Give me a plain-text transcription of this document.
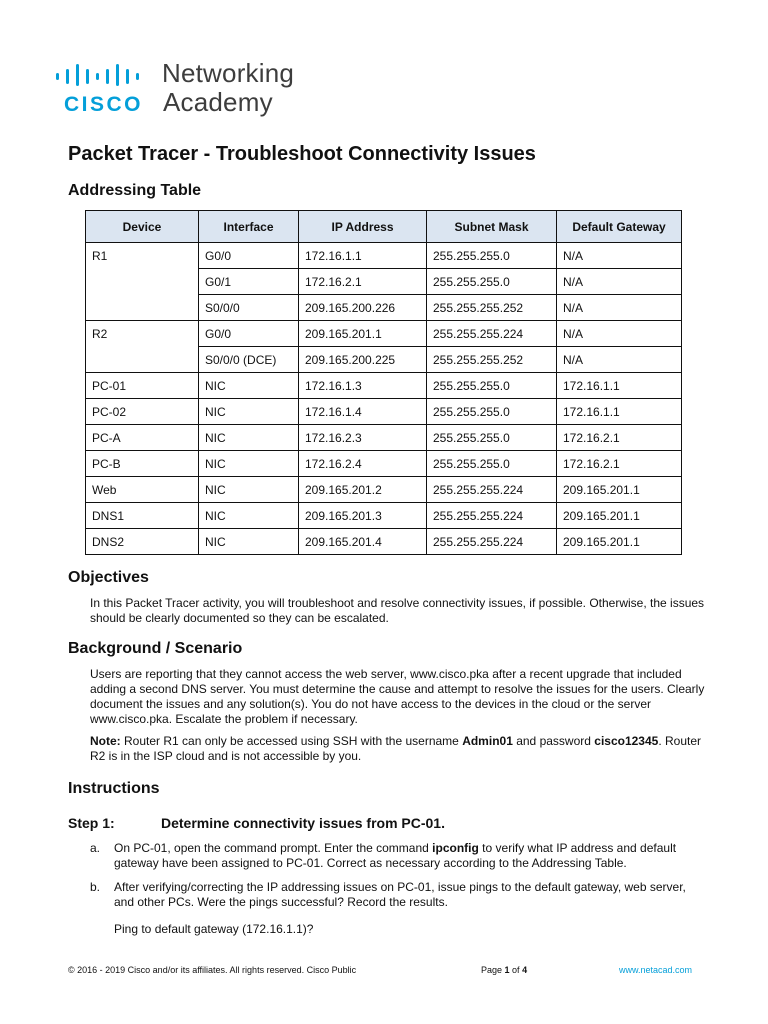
CISCO
Networking
Academy
Packet Tracer - Troubleshoot Connectivity Issues
Addressing Table
Device	Interface	IP Address	Subnet Mask	Default Gateway
R1	G0/0	172.16.1.1	255.255.255.0	N/A
	G0/1	172.16.2.1	255.255.255.0	N/A
	S0/0/0	209.165.200.226	255.255.255.252	N/A
R2	G0/0	209.165.201.1	255.255.255.224	N/A
	S0/0/0 (DCE)	209.165.200.225	255.255.255.252	N/A
PC-01	NIC	172.16.1.3	255.255.255.0	172.16.1.1
PC-02	NIC	172.16.1.4	255.255.255.0	172.16.1.1
PC-A	NIC	172.16.2.3	255.255.255.0	172.16.2.1
PC-B	NIC	172.16.2.4	255.255.255.0	172.16.2.1
Web	NIC	209.165.201.2	255.255.255.224	209.165.201.1
DNS1	NIC	209.165.201.3	255.255.255.224	209.165.201.1
DNS2	NIC	209.165.201.4	255.255.255.224	209.165.201.1
Objectives
In this Packet Tracer activity, you will troubleshoot and resolve connectivity issues, if possible. Otherwise, the issues should be clearly documented so they can be escalated.
Background / Scenario
Users are reporting that they cannot access the web server, www.cisco.pka after a recent upgrade that included adding a second DNS server. You must determine the cause and attempt to resolve the issues for the users. Clearly document the issues and any solution(s). You do not have access to the devices in the cloud or the server www.cisco.pka. Escalate the problem if necessary.
Note: Router R1 can only be accessed using SSH with the username Admin01 and password cisco12345. Router R2 is in the ISP cloud and is not accessible by you.
Instructions
Step 1:	Determine connectivity issues from PC-01.
a. On PC-01, open the command prompt. Enter the command ipconfig to verify what IP address and default gateway have been assigned to PC-01. Correct as necessary according to the Addressing Table.
b. After verifying/correcting the IP addressing issues on PC-01, issue pings to the default gateway, web server, and other PCs. Were the pings successful? Record the results.
Ping to default gateway (172.16.1.1)?
© 2016 - 2019 Cisco and/or its affiliates. All rights reserved. Cisco Public	Page 1 of 4	www.netacad.com
